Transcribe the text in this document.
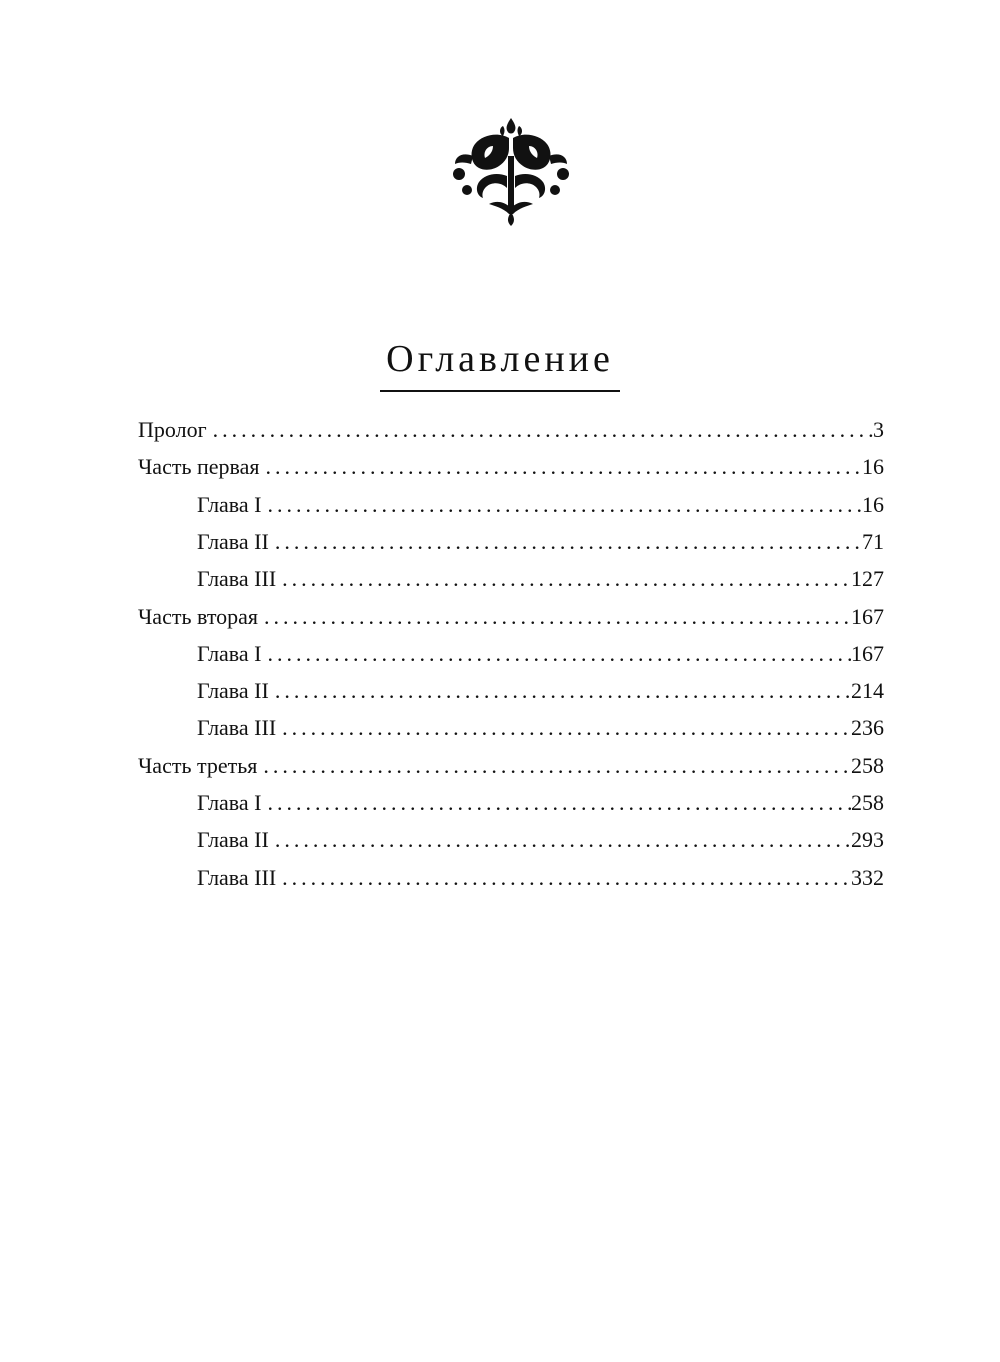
Оглавление
Пролог . . .	3
Часть первая . . .	16
Глава I . . .	16
Глава II . . .	71
Глава III . . .	127
Часть вторая . . .	167
Глава I . . .	167
Глава II . . .	214
Глава III . . .	236
Часть третья . . .	258
Глава I . . .	258
Глава II . . .	293
Глава III . . .	332
